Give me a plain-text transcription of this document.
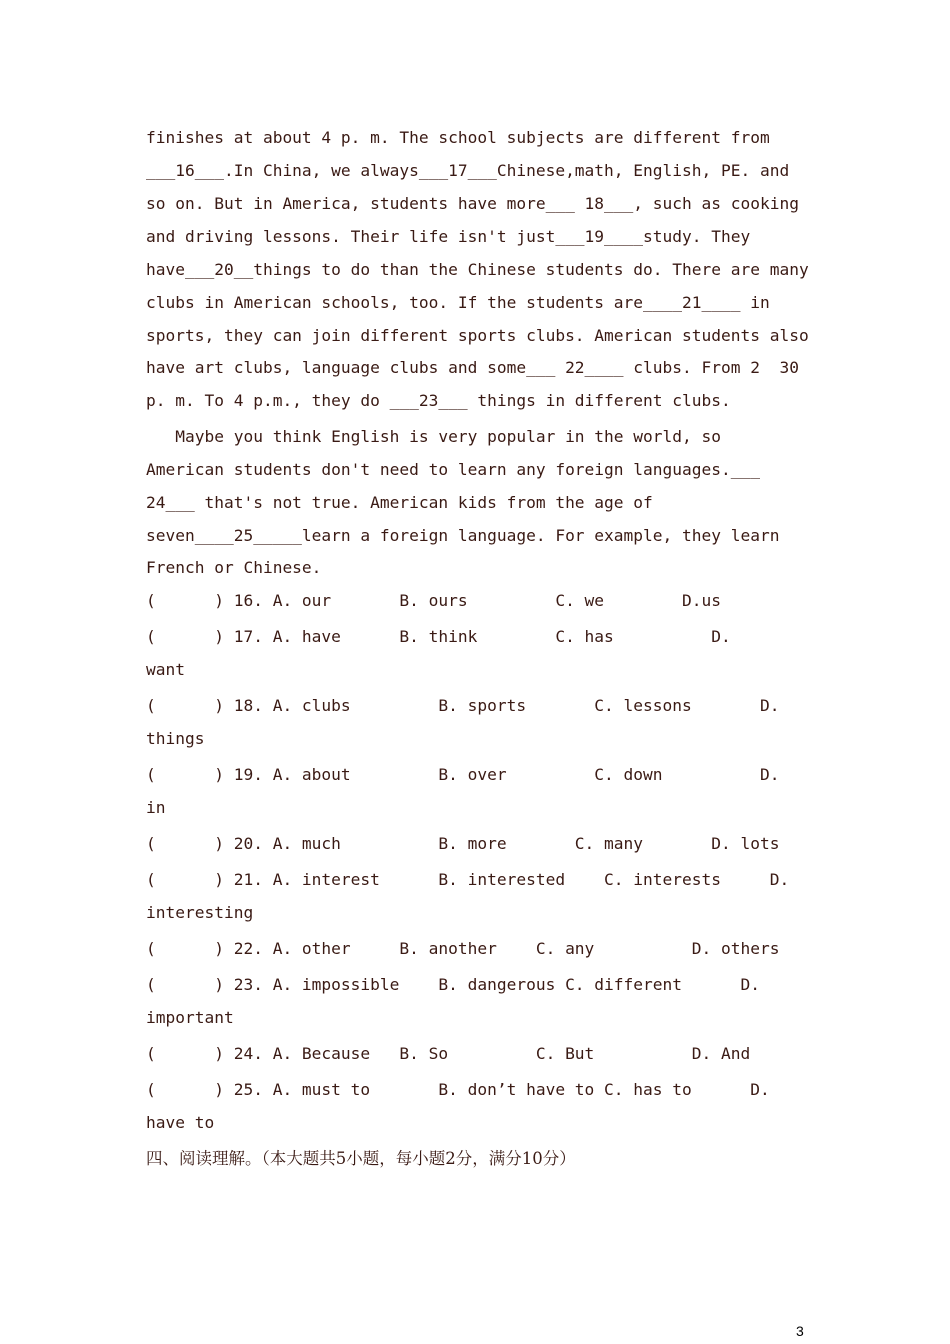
finishes at about 4 p. m. The school subjects are different from
___16___.In China, we always___17___Chinese,math, English, PE. and
so on. But in America, students have more___ 18___, such as cooking
and driving lessons. Their life isn't just___19____study. They
have___20__things to do than the Chinese students do. There are many
clubs in American schools, too. If the students are____21____ in
sports, they can join different sports clubs. American students also
have art clubs, language clubs and some___ 22____ clubs. From 2  30
p. m. To 4 p.m., they do ___23___ things in different clubs.
Maybe you think English is very popular in the world, so
American students don't need to learn any foreign languages.___
24___ that's not true. American kids from the age of
seven____25_____learn a foreign language. For example, they learn
French or Chinese.
(      ) 16. A. our       B. ours         C. we        D.us
(      ) 17. A. have      B. think        C. has          D.
want
(      ) 18. A. clubs         B. sports       C. lessons       D.
things
(      ) 19. A. about         B. over         C. down          D.
in
(      ) 20. A. much          B. more       C. many       D. lots
(      ) 21. A. interest      B. interested    C. interests     D.
interesting
(      ) 22. A. other     B. another    C. any          D. others
(      ) 23. A. impossible    B. dangerous C. different      D.
important
(      ) 24. A. Because   B. So         C. But          D. And
(      ) 25. A. must to       B. don’t have to C. has to      D.
have to
四、阅读理解。（本大题共5小题，每小题2分，满分10分）
3
